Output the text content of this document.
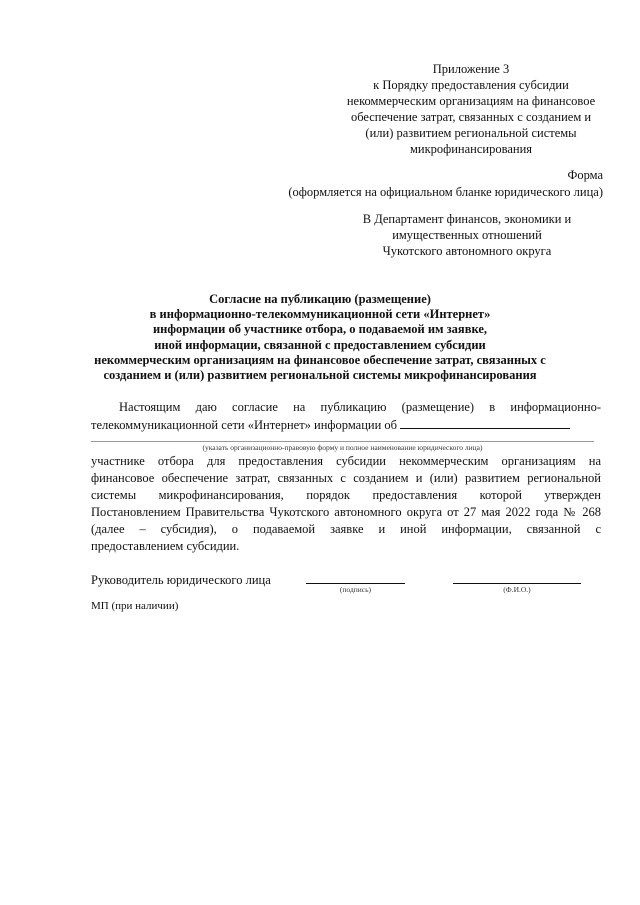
Приложение 3
к Порядку предоставления субсидии
некоммерческим организациям на финансовое
обеспечение затрат, связанных с созданием и
(или) развитием региональной системы
микрофинансирования
Форма
(оформляется на официальном бланке юридического лица)
В Департамент финансов, экономики и
имущественных отношений
Чукотского автономного округа
Согласие на публикацию (размещение)
в информационно-телекоммуникационной сети «Интернет»
информации об участнике отбора, о подаваемой им заявке,
иной информации, связанной с предоставлением субсидии
некоммерческим организациям на финансовое обеспечение затрат, связанных с
созданием и (или) развитием региональной системы микрофинансирования
Настоящим даю согласие на публикацию (размещение) в информационно-
телекоммуникационной сети «Интернет» информации об
(указать организационно-правовую форму и полное наименование юридического лица)
участнике отбора для предоставления субсидии некоммерческим организациям на
финансовое обеспечение затрат, связанных с созданием и (или) развитием региональной
системы микрофинансирования, порядок предоставления которой утвержден
Постановлением Правительства Чукотского автономного округа от 27 мая 2022 года № 268
(далее – субсидия), о подаваемой заявке и иной информации, связанной с
предоставлением субсидии.
Руководитель юридического лица
(подпись)	(Ф.И.О.)
МП (при наличии)
